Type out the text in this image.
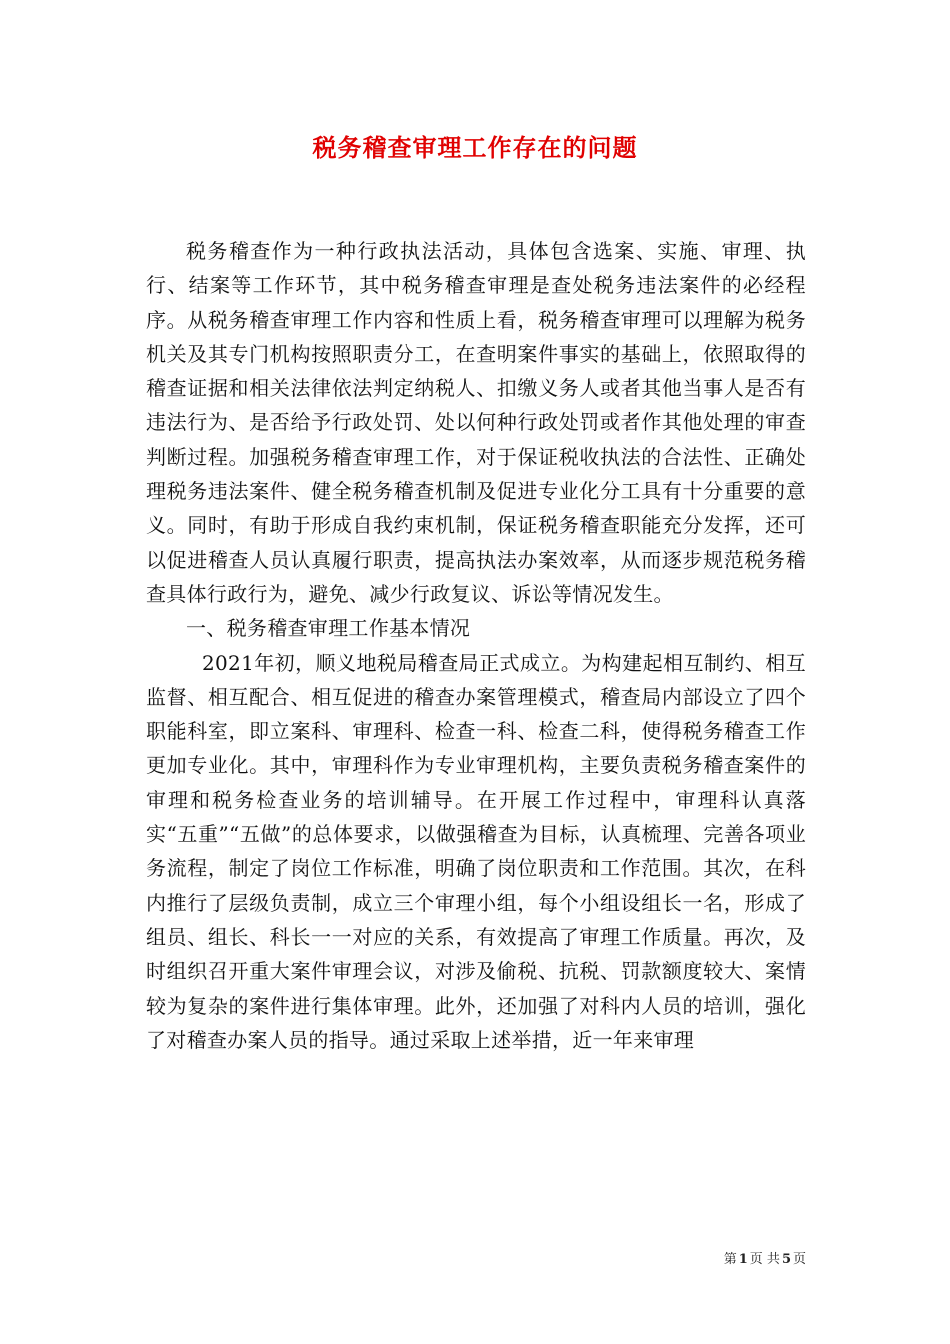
税务稽查审理工作存在的问题

税务稽查作为一种行政执法活动，具体包含选案、实施、审理、执行、结案等工作环节，其中税务稽查审理是查处税务违法案件的必经程序。从税务稽查审理工作内容和性质上看，税务稽查审理可以理解为税务机关及其专门机构按照职责分工，在查明案件事实的基础上，依照取得的稽查证据和相关法律依法判定纳税人、扣缴义务人或者其他当事人是否有违法行为、是否给予行政处罚、处以何种行政处罚或者作其他处理的审查判断过程。加强税务稽查审理工作，对于保证税收执法的合法性、正确处理税务违法案件、健全税务稽查机制及促进专业化分工具有十分重要的意义。同时，有助于形成自我约束机制，保证税务稽查职能充分发挥，还可以促进稽查人员认真履行职责，提高执法办案效率，从而逐步规范税务稽查具体行政行为，避免、减少行政复议、诉讼等情况发生。

一、税务稽查审理工作基本情况

2021年初，顺义地税局稽查局正式成立。为构建起相互制约、相互监督、相互配合、相互促进的稽查办案管理模式，稽查局内部设立了四个职能科室，即立案科、审理科、检查一科、检查二科，使得税务稽查工作更加专业化。其中，审理科作为专业审理机构，主要负责税务稽查案件的审理和税务检查业务的培训辅导。在开展工作过程中，审理科认真落实“五重”“五做”的总体要求，以做强稽查为目标，认真梳理、完善各项业务流程，制定了岗位工作标准，明确了岗位职责和工作范围。其次，在科内推行了层级负责制，成立三个审理小组，每个小组设组长一名，形成了组员、组长、科长一一对应的关系，有效提高了审理工作质量。再次，及时组织召开重大案件审理会议，对涉及偷税、抗税、罚款额度较大、案情较为复杂的案件进行集体审理。此外，还加强了对科内人员的培训，强化了对稽查办案人员的指导。通过采取上述举措，近一年来审理

第 1 页 共 5 页
